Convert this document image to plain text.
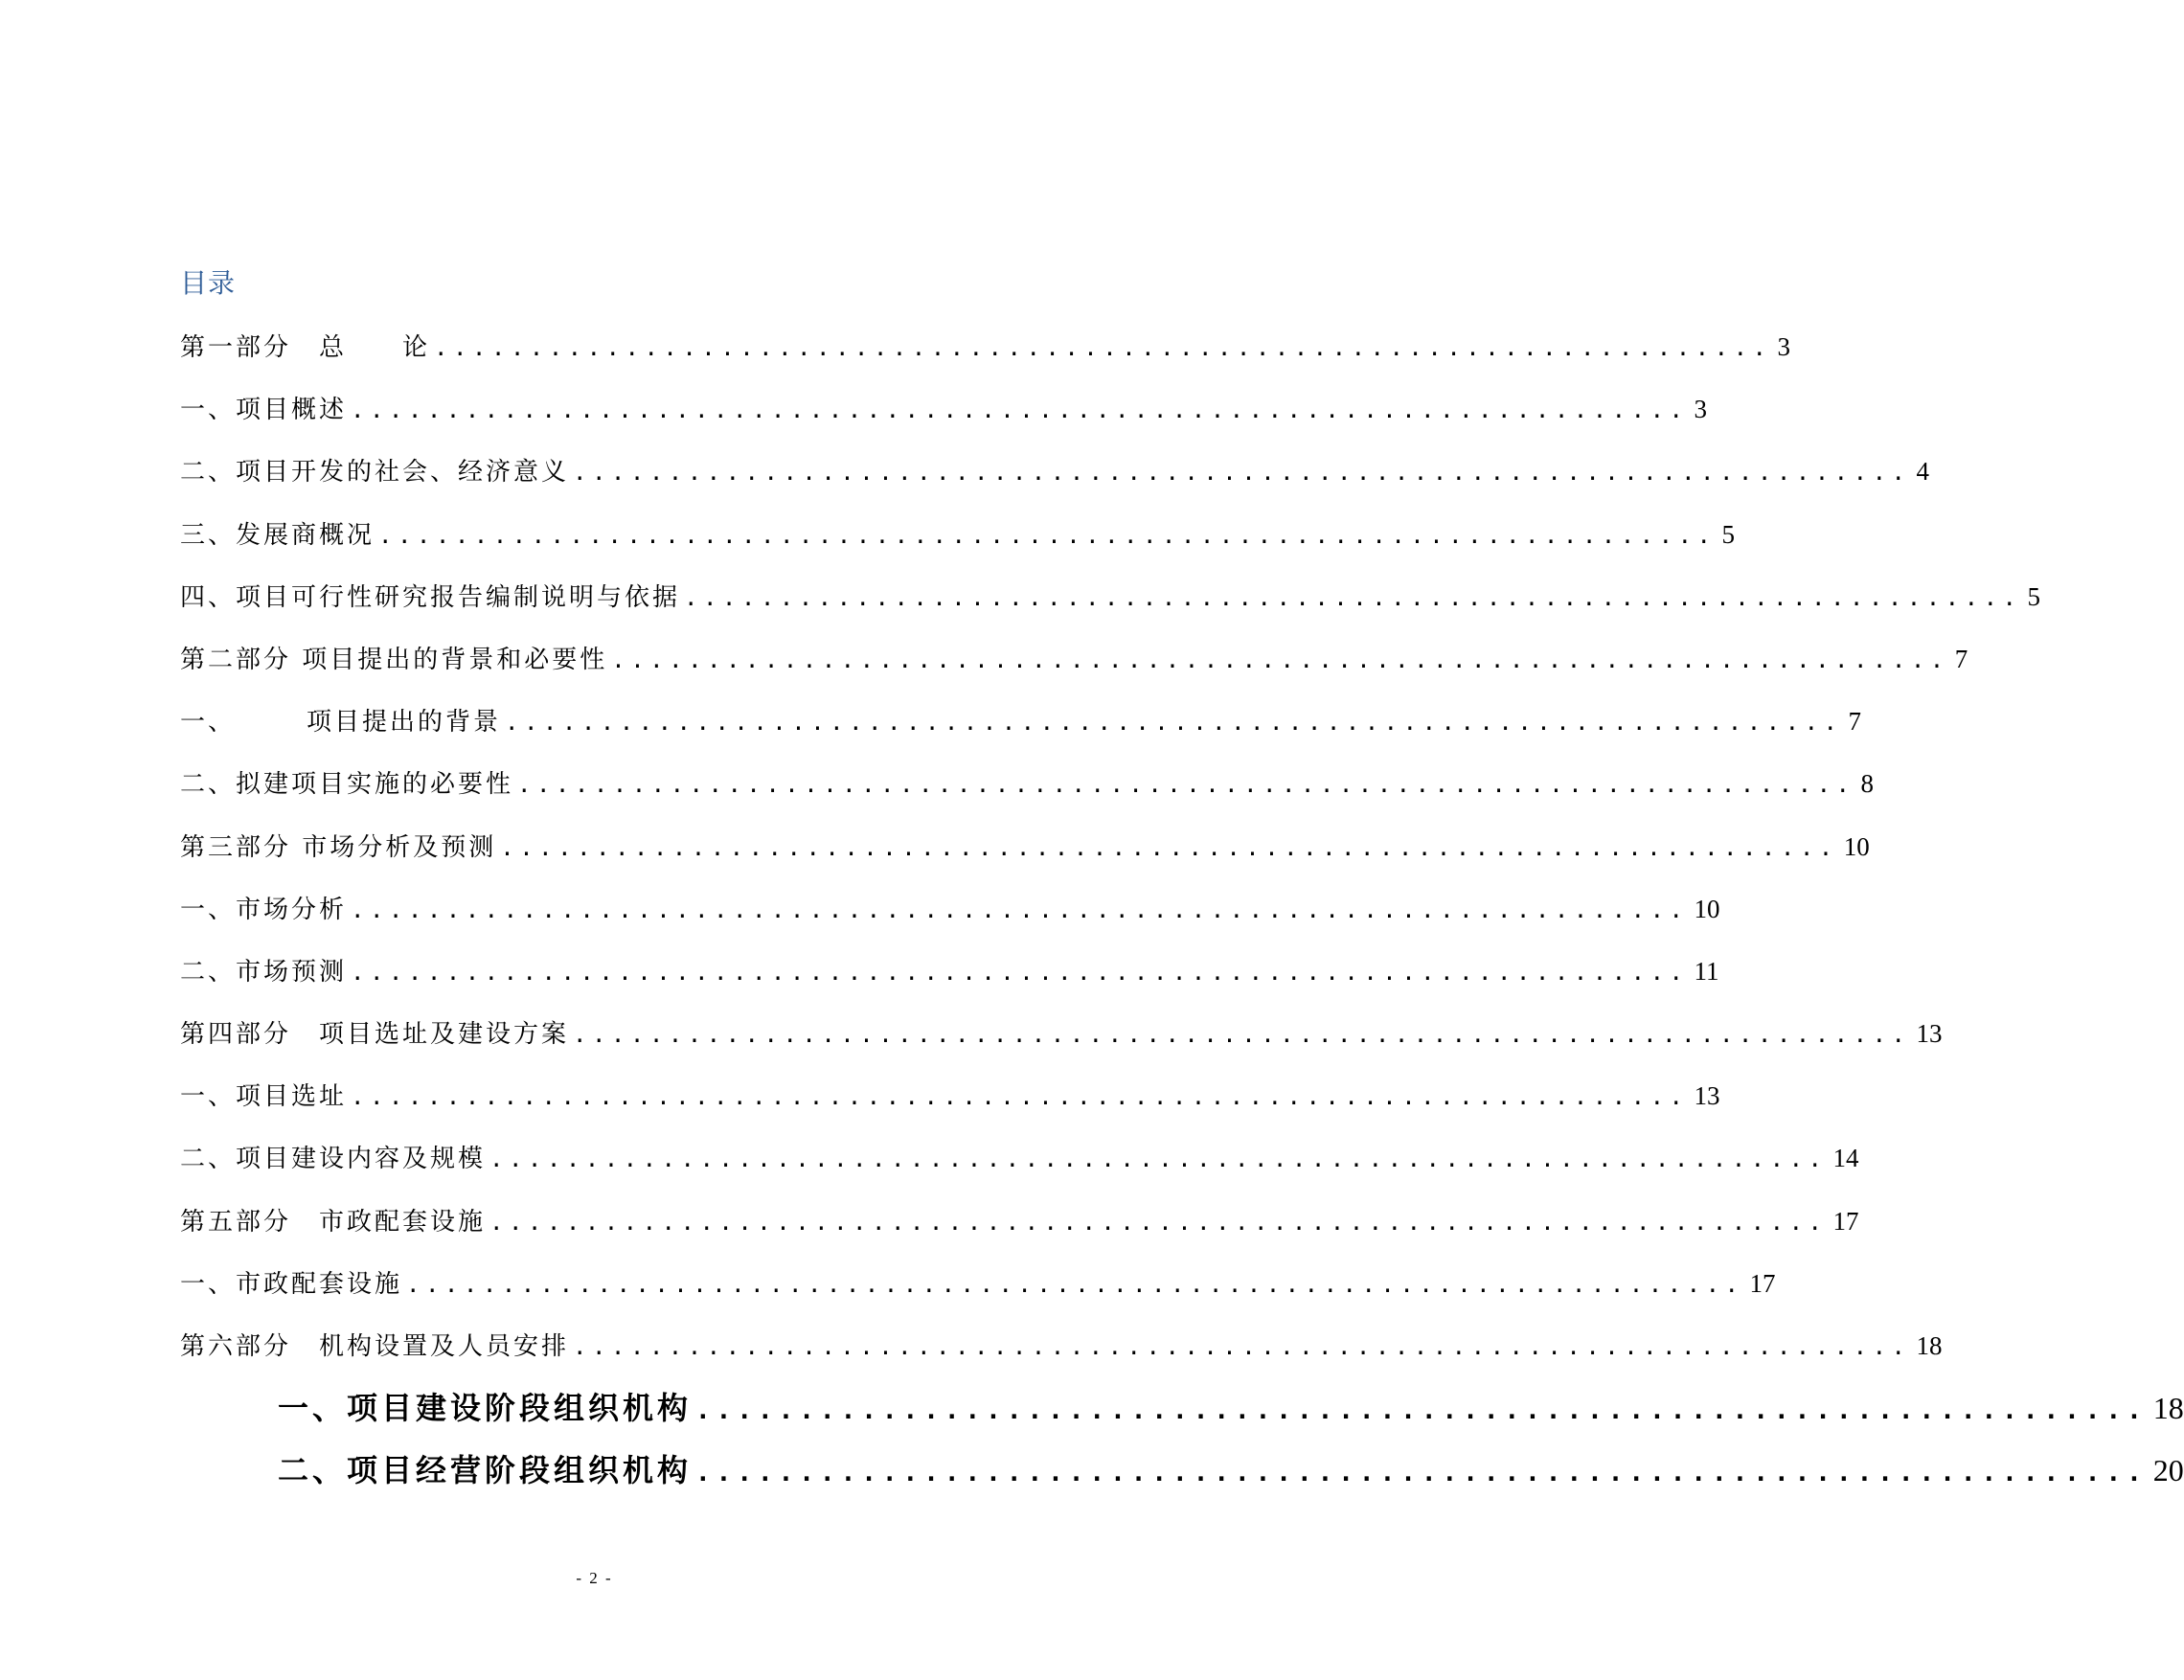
目录
第一部分　总　　论 ...................................................................... 3
一、项目概述 ...................................................................... 3
二、项目开发的社会、经济意义 ...................................................................... 4
三、发展商概况 ...................................................................... 5
四、项目可行性研究报告编制说明与依据 ...................................................................... 5
第二部分 项目提出的背景和必要性 ...................................................................... 7
一、　　　项目提出的背景 ...................................................................... 7
二、拟建项目实施的必要性 ...................................................................... 8
第三部分 市场分析及预测 ...................................................................... 10
一、市场分析 ...................................................................... 10
二、市场预测 ...................................................................... 11
第四部分　项目选址及建设方案 ...................................................................... 13
一、项目选址 ...................................................................... 13
二、项目建设内容及规模 ...................................................................... 14
第五部分　市政配套设施 ...................................................................... 17
一、市政配套设施 ...................................................................... 17
第六部分　机构设置及人员安排 ...................................................................... 18
一、项目建设阶段组织机构 ...................................................................... 18
二、项目经营阶段组织机构 ...................................................................... 20
- 2 -
